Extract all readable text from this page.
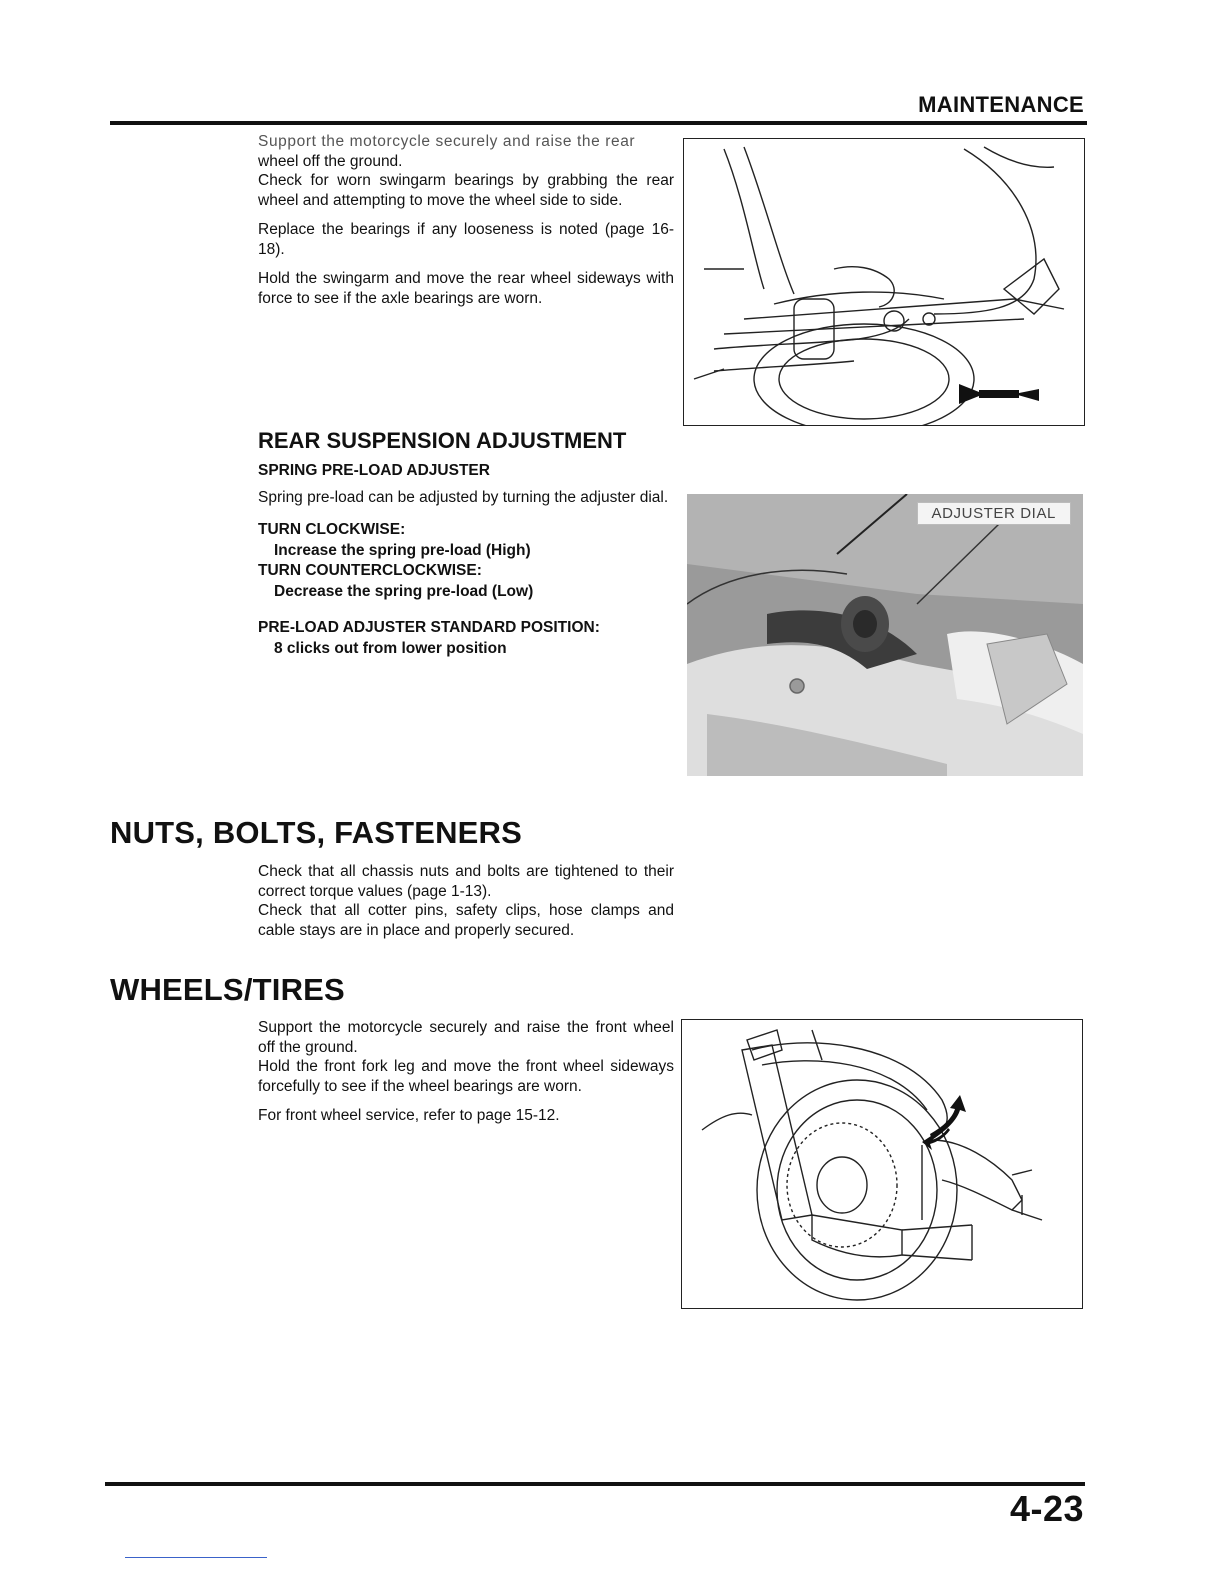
MAINTENANCE

Support the motorcycle securely and raise the rear

wheel off the ground.

Check for worn swingarm bearings by grabbing the rear wheel and attempting to move the wheel side to side.

Replace the bearings if any looseness is noted (page 16-18).

Hold the swingarm and move the rear wheel sideways with force to see if the axle bearings are worn.

REAR SUSPENSION ADJUSTMENT
SPRING PRE-LOAD ADJUSTER

Spring pre-load can be adjusted by turning the adjuster dial.

TURN CLOCKWISE:

Increase the spring pre-load (High)

TURN COUNTERCLOCKWISE:

Decrease the spring pre-load (Low)

PRE-LOAD ADJUSTER STANDARD POSITION:

8 clicks out from lower position

ADJUSTER DIAL
NUTS, BOLTS, FASTENERS

Check that all chassis nuts and bolts are tightened to their correct torque values (page 1-13).

Check that all cotter pins, safety clips, hose clamps and cable stays are in place and properly secured.

WHEELS/TIRES

Support the motorcycle securely and raise the front wheel off the ground.

Hold the front fork leg and move the front wheel sideways forcefully to see if the wheel bearings are worn.

For front wheel service, refer to page 15-12.

4-23
